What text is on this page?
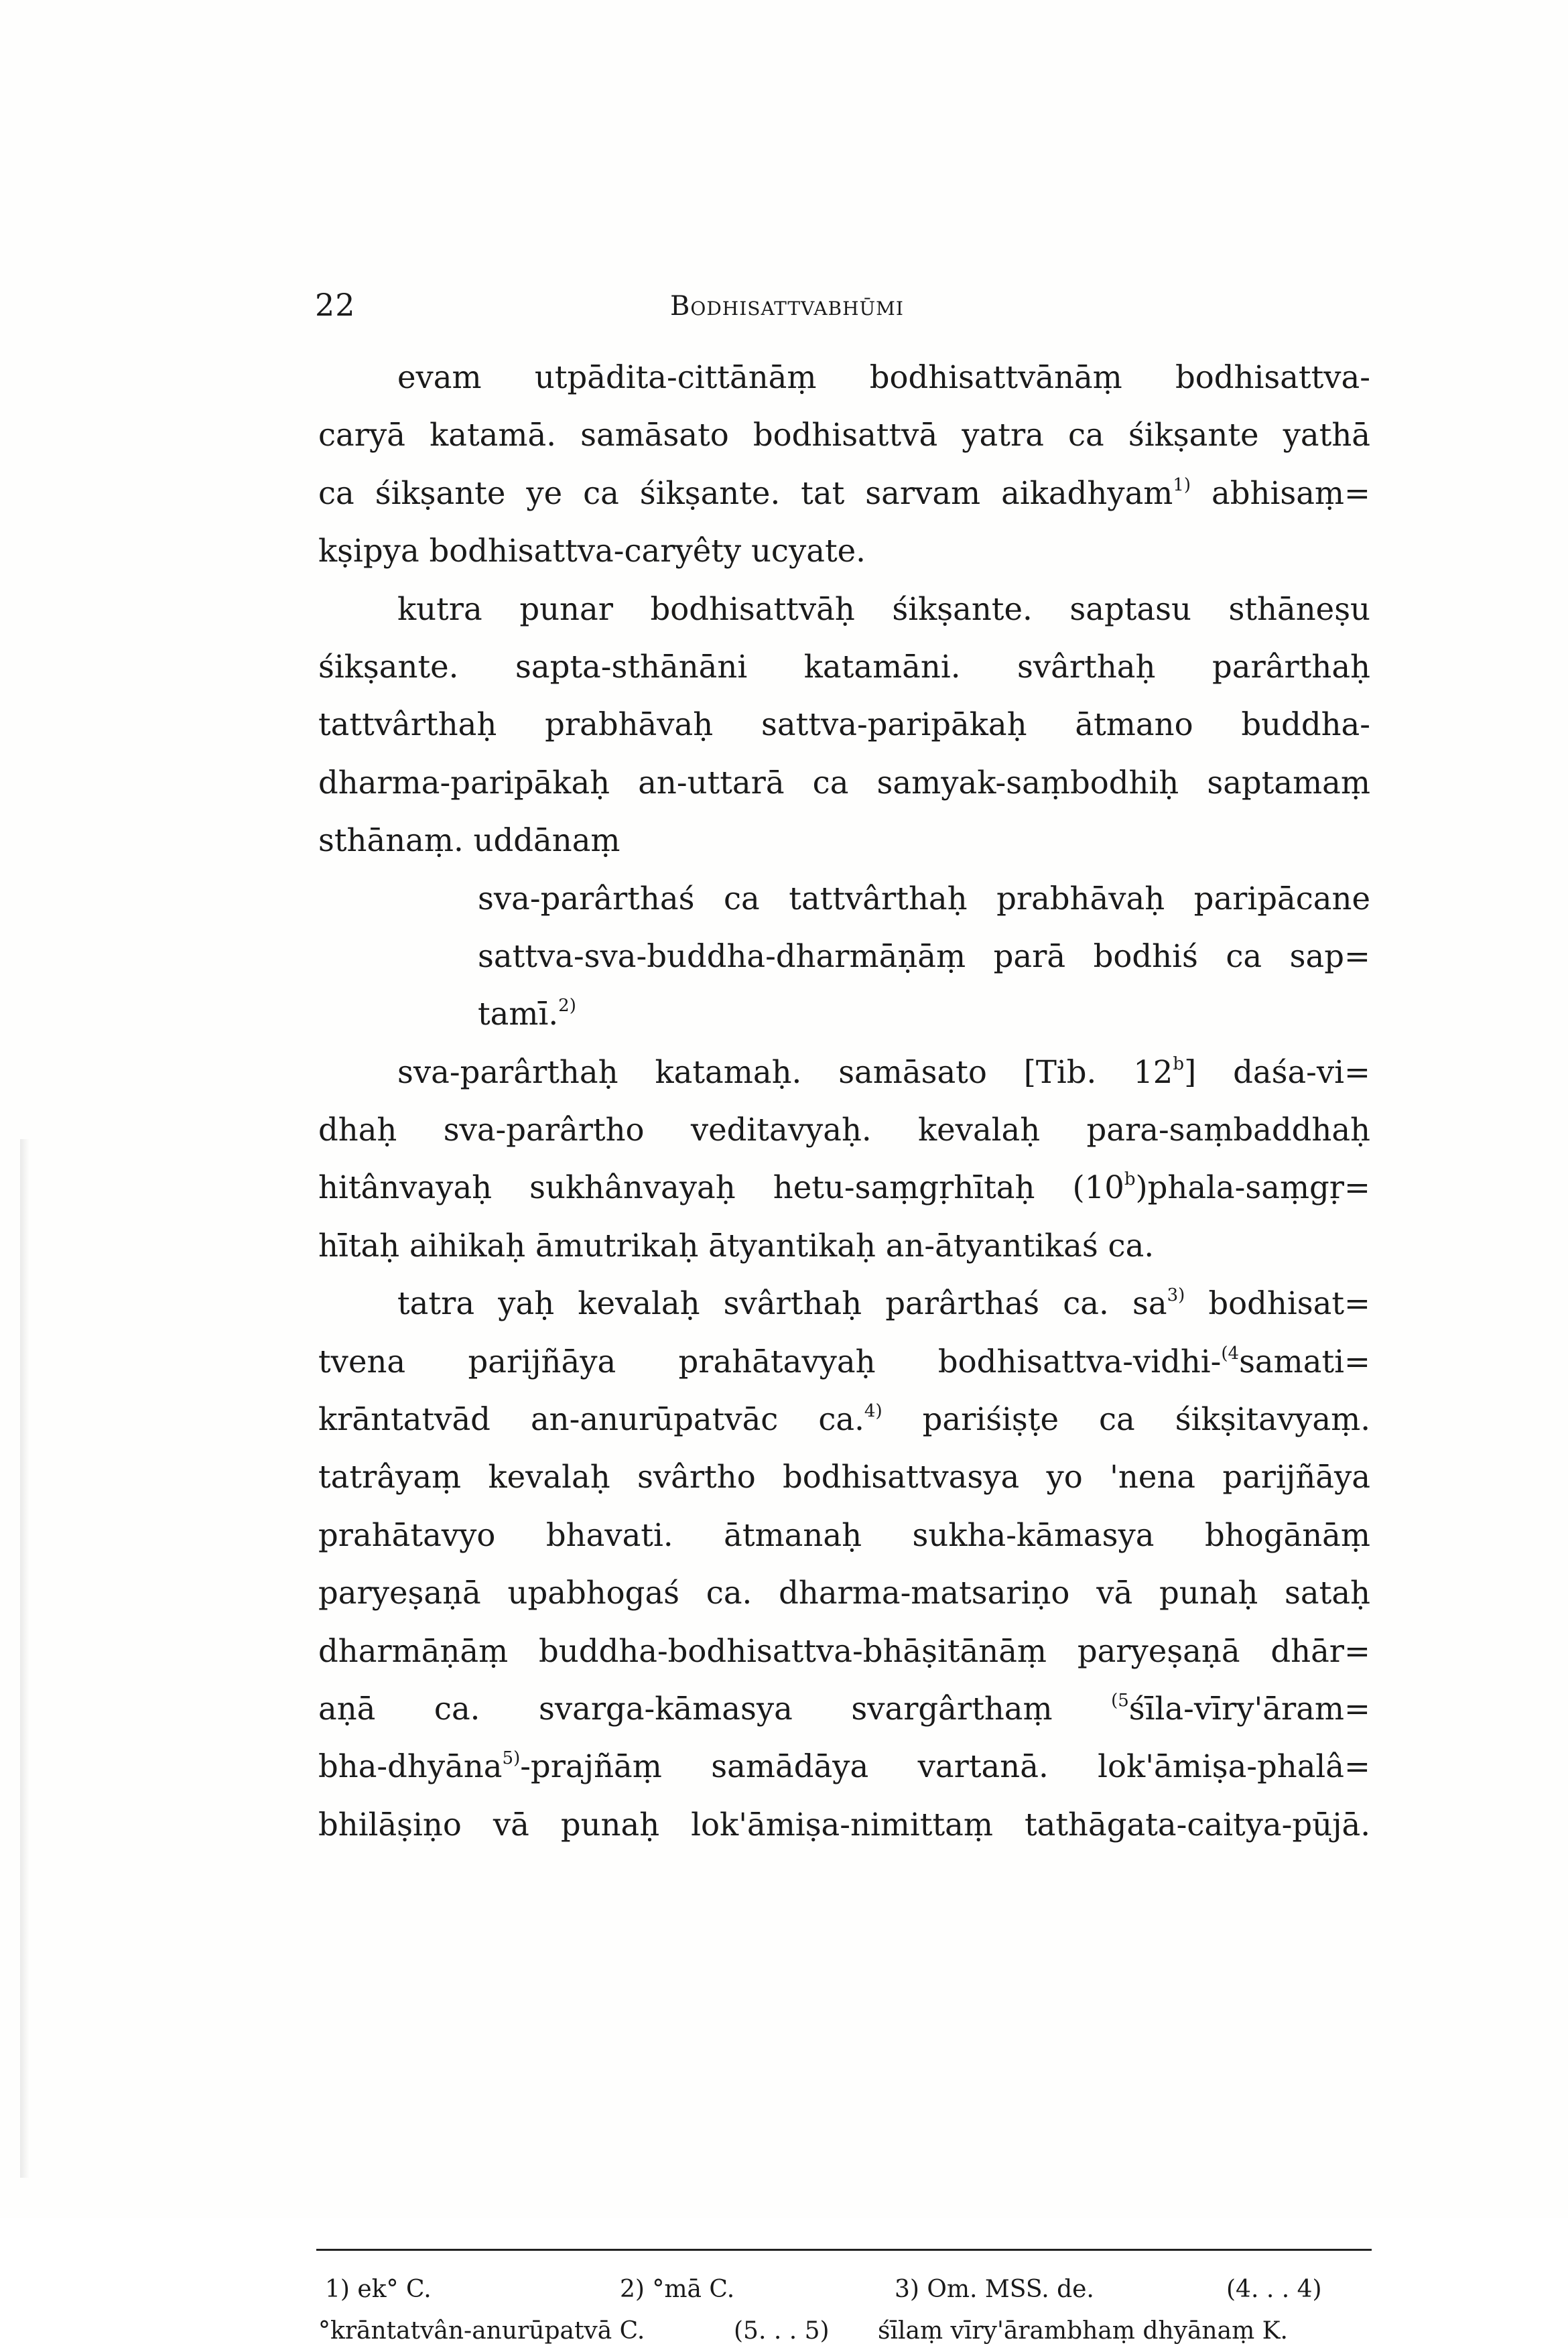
22	Bodhisattvabhūmi
evam utpādita-cittānāṃ bodhisattvānāṃ bodhisattva-
caryā katamā. samāsato bodhisattvā yatra ca śikṣante yathā
ca śikṣante ye ca śikṣante. tat sarvam aikadhyam$^{1)}$ abhisaṃ=
kṣipya bodhisattva-caryêty ucyate.
kutra punar bodhisattvāḥ śikṣante. saptasu sthāneṣu
śikṣante. sapta-sthānāni katamāni. svârthaḥ parârthaḥ
tattvârthaḥ prabhāvaḥ sattva-paripākaḥ ātmano buddha-
dharma-paripākaḥ an-uttarā ca samyak-saṃbodhiḥ saptamaṃ
sthānaṃ. uddānaṃ
sva-parârthaś ca tattvârthaḥ prabhāvaḥ paripācane
sattva-sva-buddha-dharmāṇāṃ parā bodhiś ca sap=
tamī.$^{2)}$
sva-parârthaḥ katamaḥ. samāsato [Tib. 12$^b$] daśa-vi=
dhaḥ sva-parârtho veditavyaḥ. kevalaḥ para-saṃbaddhaḥ
hitânvayaḥ sukhânvayaḥ hetu-saṃgṛhītaḥ $(10^b)phala-saṃgṛ=$
hītaḥ aihikaḥ āmutrikaḥ ātyantikaḥ an-ātyantikaś ca.
tatra yaḥ kevalaḥ svârthaḥ parârthaś ca. $sa^{3)}$ bodhisat=
tvena parijñāya prahātavyaḥ bodhisattva-vidhi-$^{(4}$samati=
krāntatvād an-anurūpatvāc ca.$^{4)}$ pariśiṣṭe ca śikṣitavyaṃ.
tatrâyaṃ kevalaḥ svârtho bodhisattvasya yo 'nena parijñāya
prahātavyo bhavati. ātmanaḥ sukha-kāmasya bhogānāṃ
paryeṣaṇā upabhogaś ca. dharma-matsariṇo vā punaḥ sataḥ
dharmāṇāṃ buddha-bodhisattva-bhāṣitānāṃ paryeṣaṇā dhār=
aṇā ca. svarga-kāmasya svargârthaṃ $^{(5}$śīla-vīry'āram=
bha-dhyāna$^{5)}$-prajñāṃ samādāya vartanā. lok'āmiṣa-phalâ=
bhilāṣiṇo vā punaḥ lok'āmiṣa-nimittaṃ tathāgata-caitya-pūjā.
1) ek° C.	2) °mā C.	3) Om. MSS. de.	(4. . . 4)
°krāntatvân-anurūpatvā C.	(5. . . 5) śīlaṃ vīry'ārambhaṃ dhyānaṃ K.
